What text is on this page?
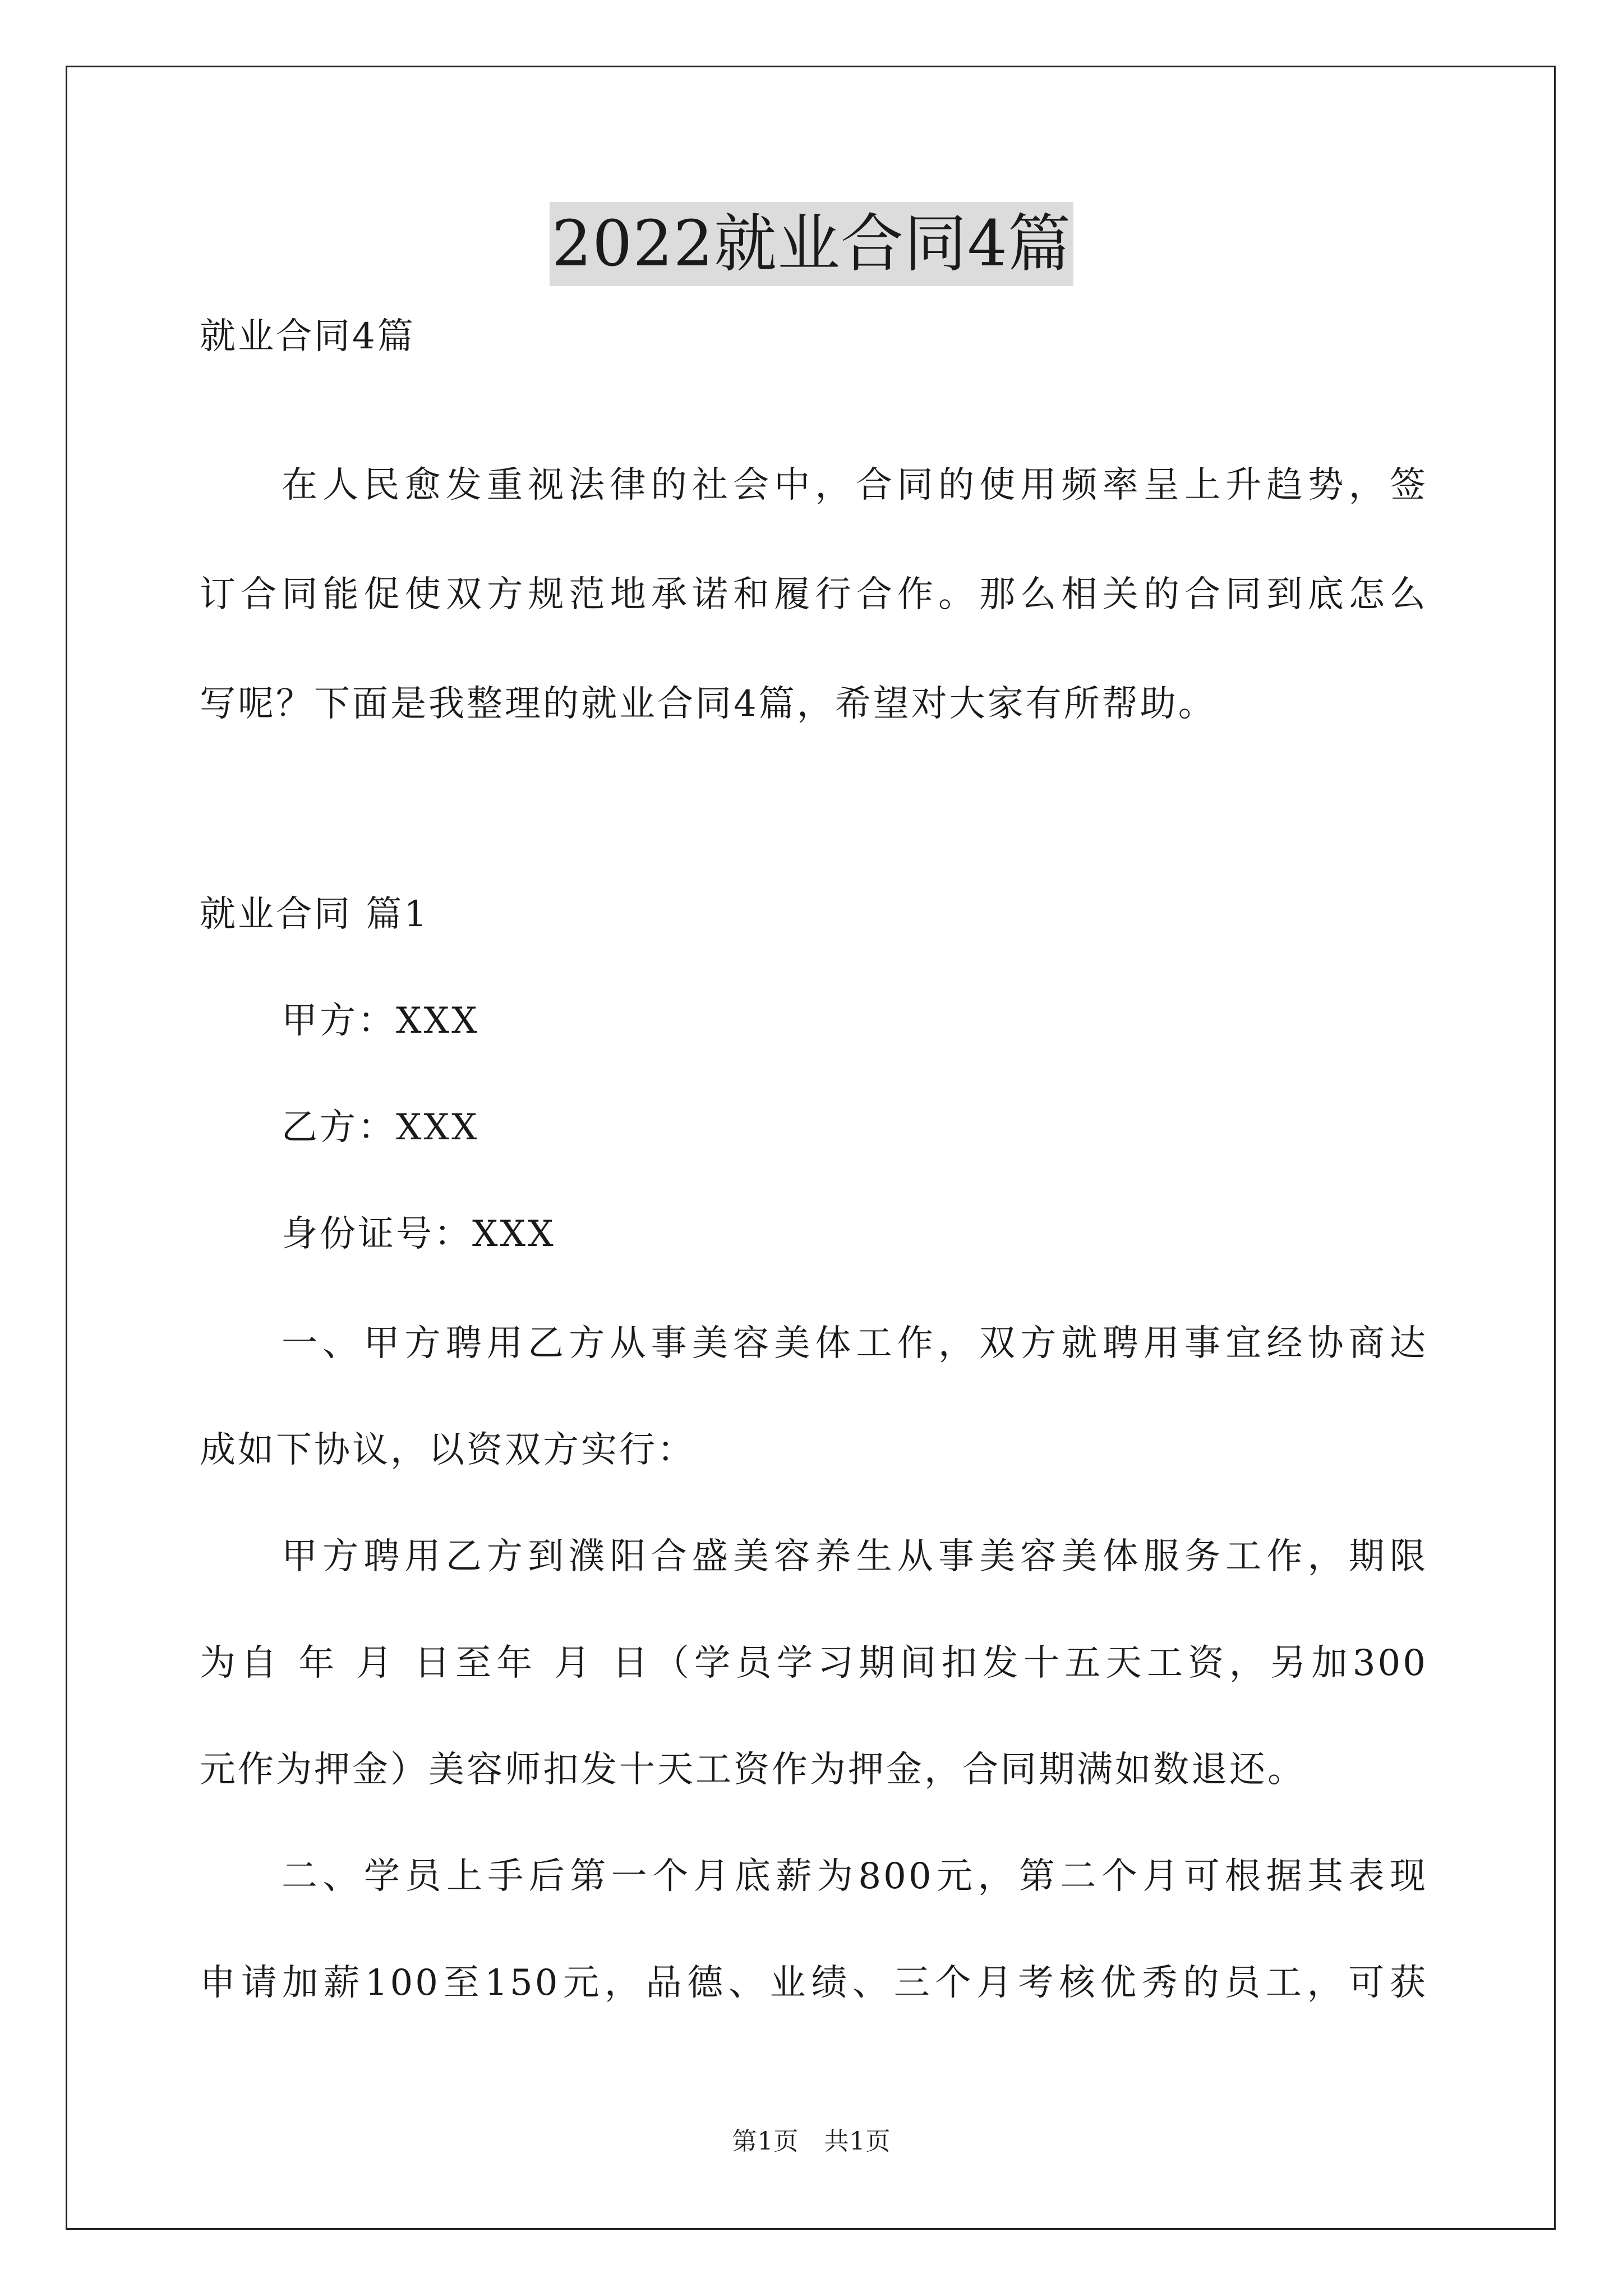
2022就业合同4篇
就业合同4篇
在人民愈发重视法律的社会中，合同的使用频率呈上升趋势，签
订合同能促使双方规范地承诺和履行合作。那么相关的合同到底怎么
写呢？下面是我整理的就业合同4篇，希望对大家有所帮助。
就业合同 篇1
甲方：XXX
乙方：XXX
身份证号：XXX
一、甲方聘用乙方从事美容美体工作，双方就聘用事宜经协商达
成如下协议，以资双方实行：
甲方聘用乙方到濮阳合盛美容养生从事美容美体服务工作，期限
为自 年 月 日至年 月 日（学员学习期间扣发十五天工资，另加300
元作为押金）美容师扣发十天工资作为押金，合同期满如数退还。
二、学员上手后第一个月底薪为800元，第二个月可根据其表现
申请加薪100至150元，品德、业绩、三个月考核优秀的员工，可获
第1页　共1页
